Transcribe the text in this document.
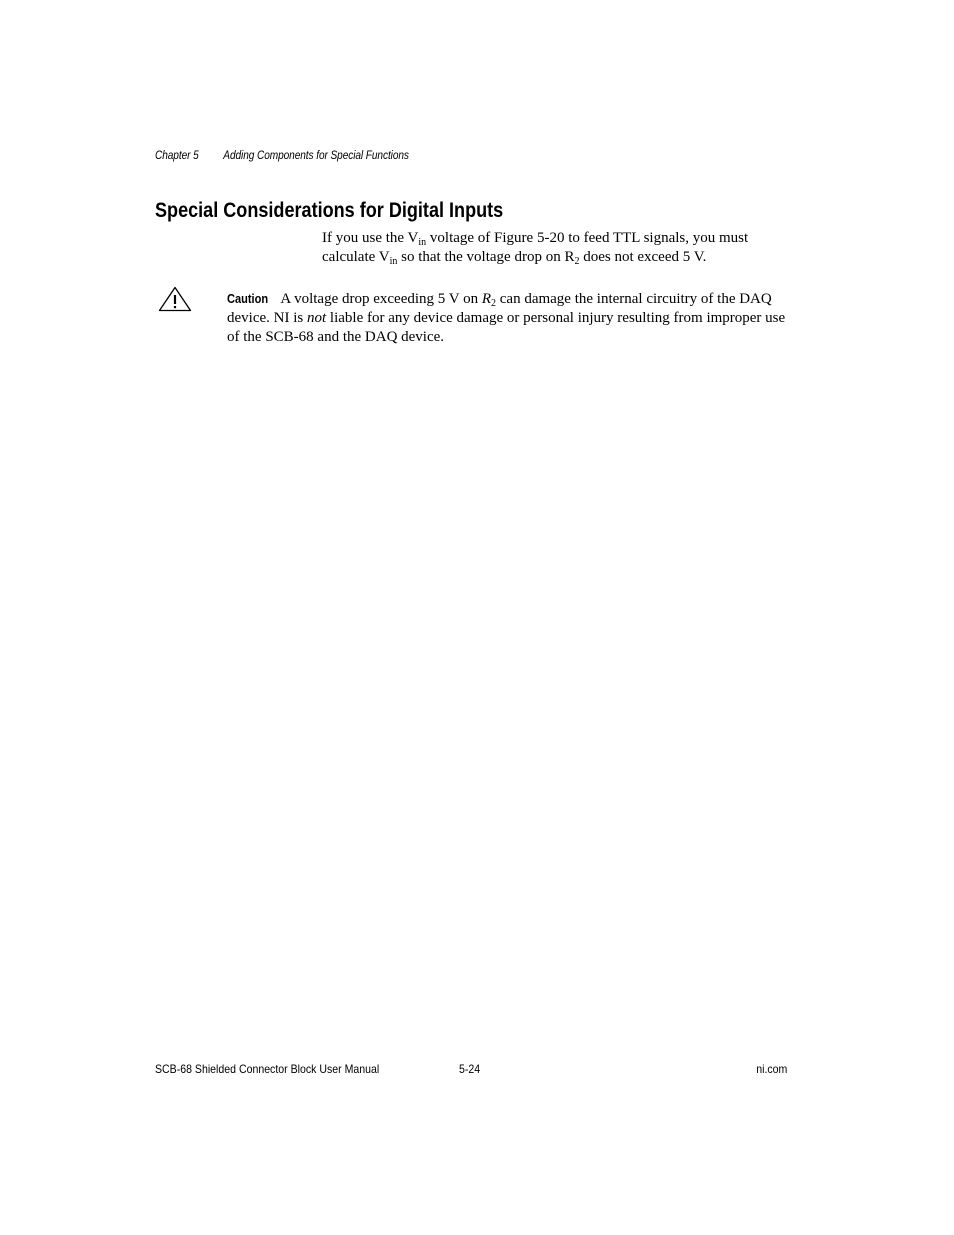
Chapter 5 Adding Components for Special Functions
Special Considerations for Digital Inputs

If you use the $V_{in}$ voltage of Figure 5-20 to feed TTL signals, you must calculate $V_{in}$ so that the voltage drop on $R_2$ does not exceed 5 V.

Caution A voltage drop exceeding 5 V on $R_2$ can damage the internal circuitry of the DAQ device. NI is not liable for any device damage or personal injury resulting from improper use of the SCB-68 and the DAQ device.

SCB-68 Shielded Connector Block User Manual	5-24	ni.com
